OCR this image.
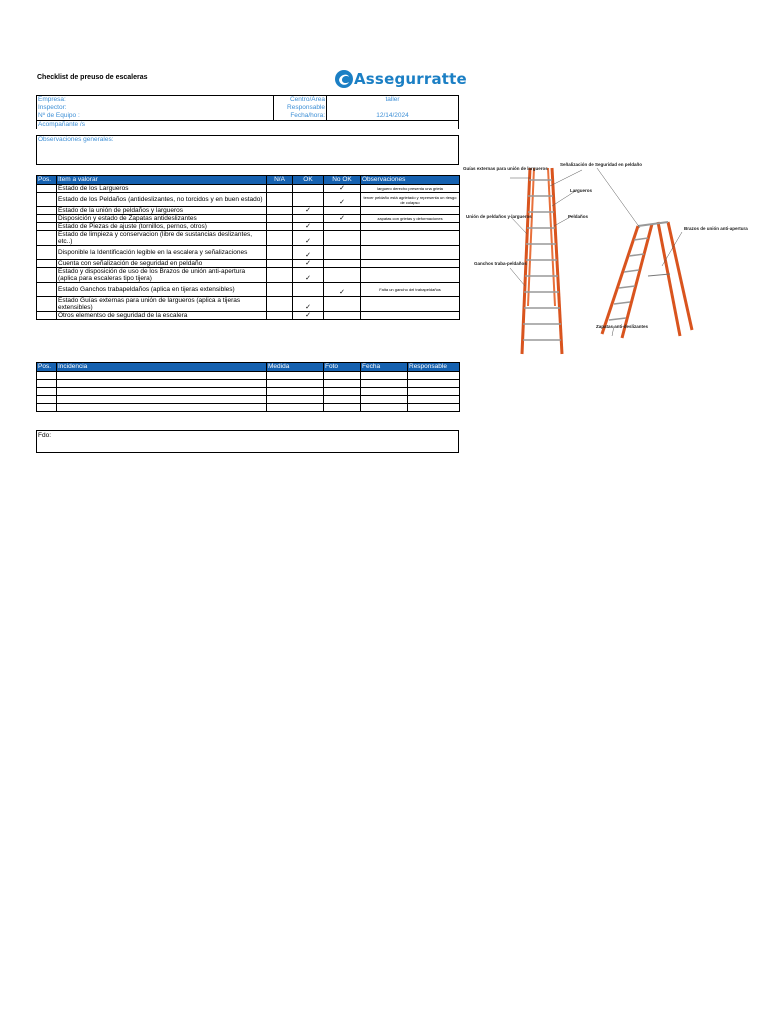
Checklist de preuso de escaleras	Assegurratte
Empresa:	Centro/Área	taller
Inspector:	Responsable	
Nº de Equipo :	Fecha/hora:	12/14/2024
Acompañante /s		
Observaciones generales:
Pos.	Item a valorar	N/A	OK	No OK	Observaciones
	Estado de los Largueros			✓	larguero derecho presenta una grieta
	Estado de los Peldaños (antideslizantes, no torcidos y en buen estado)			✓	tercer peldaño está agrietado y representa un riesgo de colapso
	Estado de la unión de peldaños y largueros		✓		
	Disposición y estado de Zapatas antideslizantes			✓	zapatas con grietas y deformaciones
	Estado de Piezas de ajuste (tornillos, pernos, otros)		✓		
	Estado de limpieza y conservacion (libre de sustancias deslizantes, etc..)		✓		
	Disponible la Identificación legible en la escalera y señalizaciones		✓		
	Cuenta con señalización de seguridad en peldaño		✓		
	Estado y disposición de uso de los Brazos de unión anti-apertura (aplica para escaleras tipo tijera)		✓		
	Estado Ganchos trabapeldaños (aplica en tijeras extensibles)			✓	Falta un gancho del trabapeldaños
	Estado Guías externas para unión de largueros (aplica a tijeras extensibles)		✓		
	Otros elementso de seguridad de la escalera		✓		
Pos.	Incidencia	Medida	Foto	Fecha	Responsable

Fdo:
Señalización de Seguridad en peldaño
Guías externas para unión de largueros
Largueros
Peldaños
Unión de peldaños y largueros
Brazos de unión anti-apertura
Ganchos traba-peldaños
Zapatas anti-deslizantes
